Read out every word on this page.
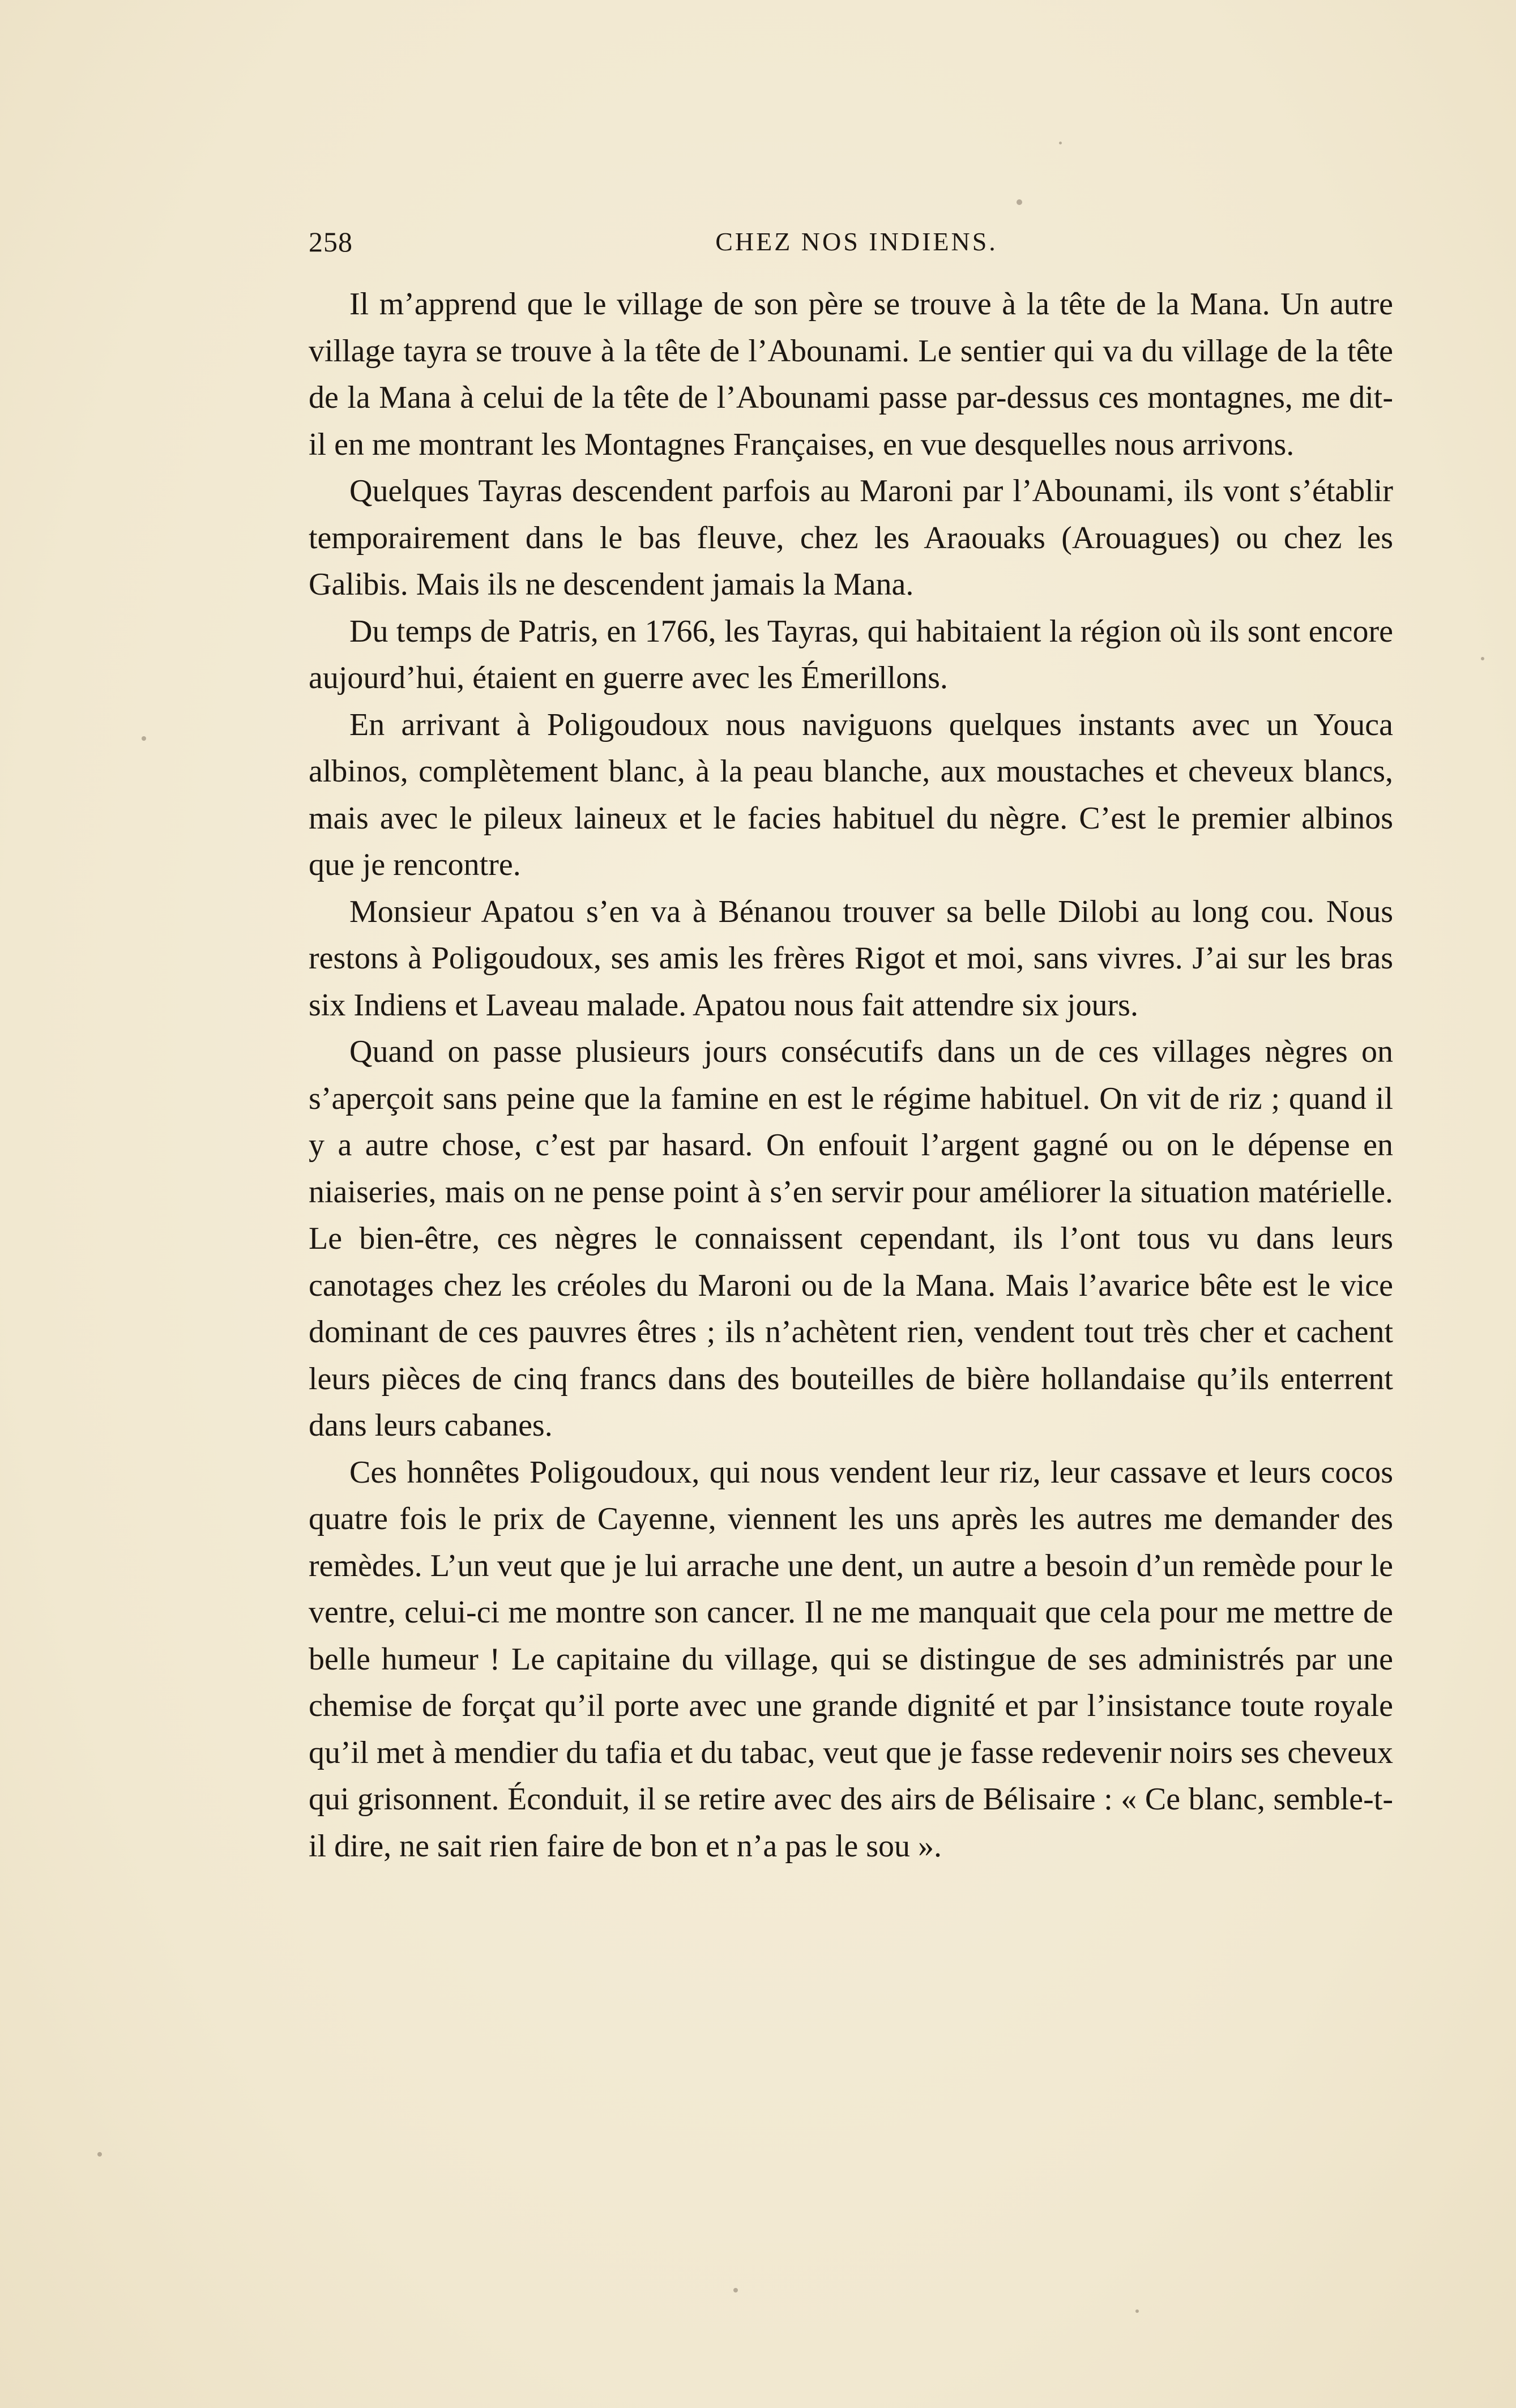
258	CHEZ NOS INDIENS.

Il m’apprend que le village de son père se trouve à la tête de la Mana. Un autre village tayra se trouve à la tête de l’Abounami. Le sentier qui va du village de la tête de la Mana à celui de la tête de l’Abounami passe par-dessus ces montagnes, me dit-il en me montrant les Montagnes Françaises, en vue desquelles nous arrivons.

Quelques Tayras descendent parfois au Maroni par l’Abounami, ils vont s’établir temporairement dans le bas fleuve, chez les Araouaks (Arouagues) ou chez les Galibis. Mais ils ne descendent jamais la Mana.

Du temps de Patris, en 1766, les Tayras, qui habitaient la région où ils sont encore aujourd’hui, étaient en guerre avec les Émerillons.

En arrivant à Poligoudoux nous naviguons quelques instants avec un Youca albinos, complètement blanc, à la peau blanche, aux moustaches et cheveux blancs, mais avec le pileux laineux et le facies habituel du nègre. C’est le premier albinos que je rencontre.

Monsieur Apatou s’en va à Bénanou trouver sa belle Dilobi au long cou. Nous restons à Poligoudoux, ses amis les frères Rigot et moi, sans vivres. J’ai sur les bras six Indiens et Laveau malade. Apatou nous fait attendre six jours.

Quand on passe plusieurs jours consécutifs dans un de ces villages nègres on s’aperçoit sans peine que la famine en est le régime habituel. On vit de riz ; quand il y a autre chose, c’est par hasard. On enfouit l’argent gagné ou on le dépense en niaiseries, mais on ne pense point à s’en servir pour améliorer la situation matérielle. Le bien-être, ces nègres le connaissent cependant, ils l’ont tous vu dans leurs canotages chez les créoles du Maroni ou de la Mana. Mais l’avarice bête est le vice dominant de ces pauvres êtres ; ils n’achètent rien, vendent tout très cher et cachent leurs pièces de cinq francs dans des bouteilles de bière hollandaise qu’ils enterrent dans leurs cabanes.

Ces honnêtes Poligoudoux, qui nous vendent leur riz, leur cassave et leurs cocos quatre fois le prix de Cayenne, viennent les uns après les autres me demander des remèdes. L’un veut que je lui arrache une dent, un autre a besoin d’un remède pour le ventre, celui-ci me montre son cancer. Il ne me manquait que cela pour me mettre de belle humeur ! Le capitaine du village, qui se distingue de ses administrés par une chemise de forçat qu’il porte avec une grande dignité et par l’insistance toute royale qu’il met à mendier du tafia et du tabac, veut que je fasse redevenir noirs ses cheveux qui grisonnent. Éconduit, il se retire avec des airs de Bélisaire : « Ce blanc, semble-t-il dire, ne sait rien faire de bon et n’a pas le sou ».
